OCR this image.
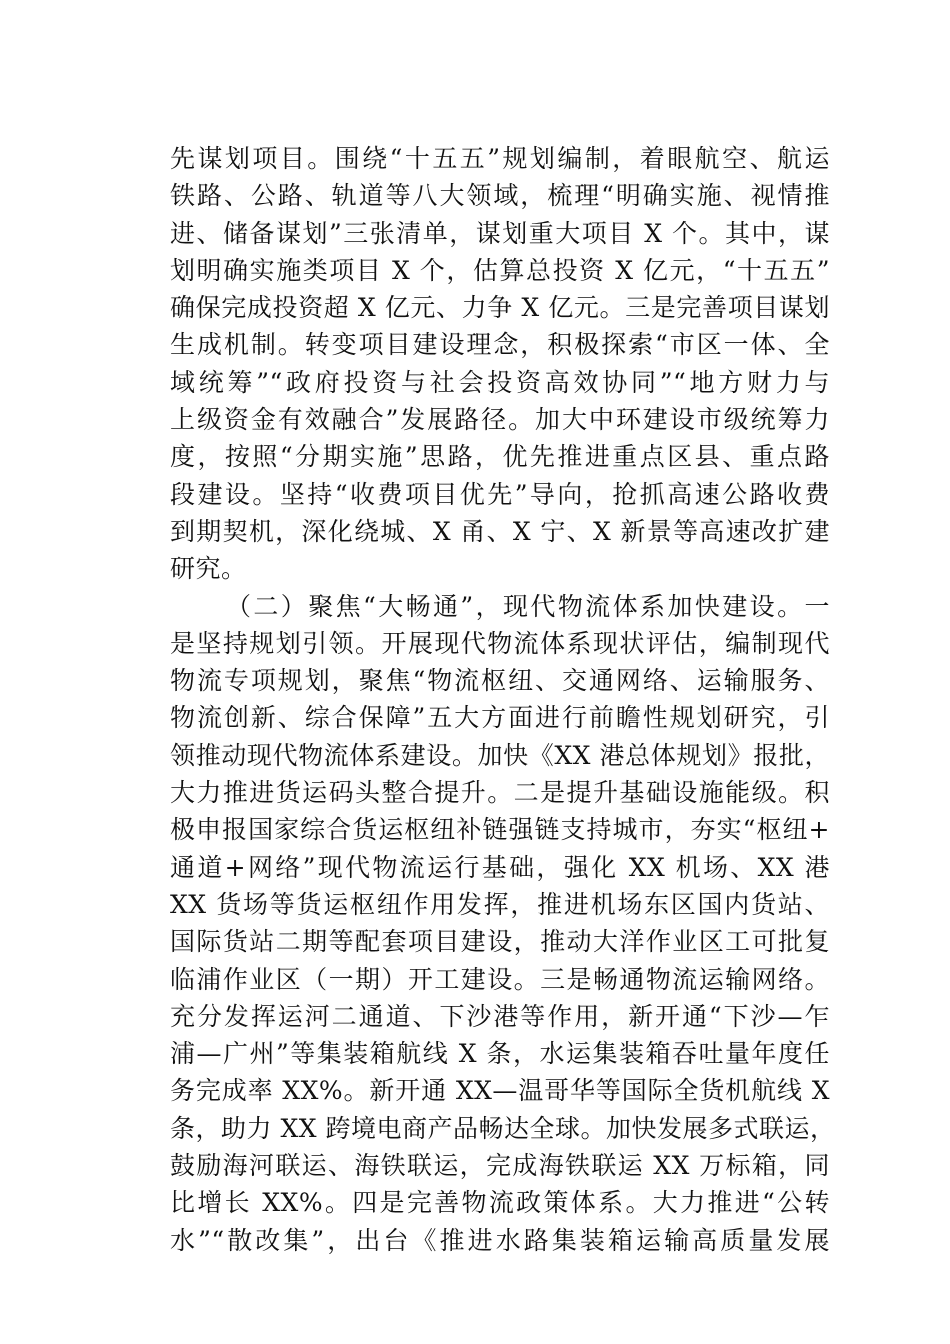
先谋划项目。围绕“十五五”规划编制，着眼航空、航运
铁路、公路、轨道等八大领域，梳理“明确实施、视情推
进、储备谋划”三张清单，谋划重大项目 X 个。其中，谋
划明确实施类项目 X 个，估算总投资 X 亿元，“十五五”
确保完成投资超 X 亿元、力争 X 亿元。三是完善项目谋划
生成机制。转变项目建设理念，积极探索“市区一体、全
域统筹”“政府投资与社会投资高效协同”“地方财力与
上级资金有效融合”发展路径。加大中环建设市级统筹力
度，按照“分期实施”思路，优先推进重点区县、重点路
段建设。坚持“收费项目优先”导向，抢抓高速公路收费
到期契机，深化绕城、X 甬、X 宁、X 新景等高速改扩建
研究。
（二）聚焦“大畅通”，现代物流体系加快建设。一
是坚持规划引领。开展现代物流体系现状评估，编制现代
物流专项规划，聚焦“物流枢纽、交通网络、运输服务、
物流创新、综合保障”五大方面进行前瞻性规划研究，引
领推动现代物流体系建设。加快《XX 港总体规划》报批，
大力推进货运码头整合提升。二是提升基础设施能级。积
极申报国家综合货运枢纽补链强链支持城市，夯实“枢纽+
通道+网络”现代物流运行基础，强化 XX 机场、XX 港
XX 货场等货运枢纽作用发挥，推进机场东区国内货站、
国际货站二期等配套项目建设，推动大洋作业区工可批复
临浦作业区（一期）开工建设。三是畅通物流运输网络。
充分发挥运河二通道、下沙港等作用，新开通“下沙—乍
浦—广州”等集装箱航线 X 条，水运集装箱吞吐量年度任
务完成率 XX%。新开通 XX—温哥华等国际全货机航线 X
条，助力 XX 跨境电商产品畅达全球。加快发展多式联运，
鼓励海河联运、海铁联运，完成海铁联运 XX 万标箱，同
比增长 XX%。四是完善物流政策体系。大力推进“公转
水”“散改集”，出台《推进水路集装箱运输高质量发展
